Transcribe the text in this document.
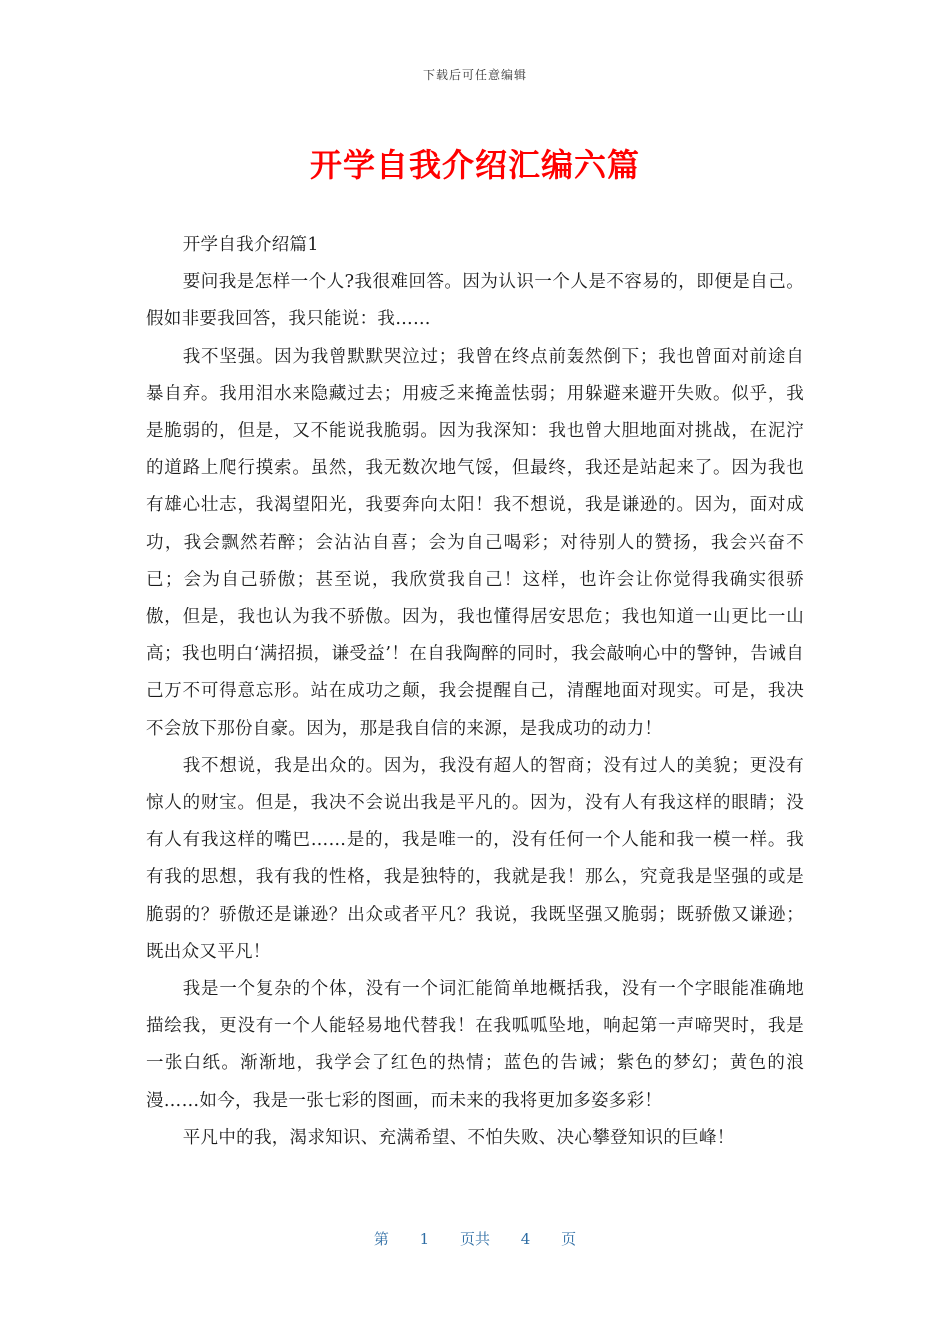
下载后可任意编辑
开学自我介绍汇编六篇

开学自我介绍篇1

要问我是怎样一个人?我很难回答。因为认识一个人是不容易的，即便是自己。假如非要我回答，我只能说：我……

我不坚强。因为我曾默默哭泣过；我曾在终点前轰然倒下；我也曾面对前途自暴自弃。我用泪水来隐藏过去；用疲乏来掩盖怯弱；用躲避来避开失败。似乎，我是脆弱的，但是，又不能说我脆弱。因为我深知：我也曾大胆地面对挑战，在泥泞的道路上爬行摸索。虽然，我无数次地气馁，但最终，我还是站起来了。因为我也有雄心壮志，我渴望阳光，我要奔向太阳！我不想说，我是谦逊的。因为，面对成功，我会飘然若醉；会沾沾自喜；会为自己喝彩；对待别人的赞扬，我会兴奋不已；会为自己骄傲；甚至说，我欣赏我自己！这样，也许会让你觉得我确实很骄傲，但是，我也认为我不骄傲。因为，我也懂得居安思危；我也知道一山更比一山高；我也明白‘满招损，谦受益’！在自我陶醉的同时，我会敲响心中的警钟，告诫自己万不可得意忘形。站在成功之颠，我会提醒自己，清醒地面对现实。可是，我决不会放下那份自豪。因为，那是我自信的来源，是我成功的动力！

我不想说，我是出众的。因为，我没有超人的智商；没有过人的美貌；更没有惊人的财宝。但是，我决不会说出我是平凡的。因为，没有人有我这样的眼睛；没有人有我这样的嘴巴……是的，我是唯一的，没有任何一个人能和我一模一样。我有我的思想，我有我的性格，我是独特的，我就是我！那么，究竟我是坚强的或是脆弱的？骄傲还是谦逊？出众或者平凡？我说，我既坚强又脆弱；既骄傲又谦逊；既出众又平凡！

我是一个复杂的个体，没有一个词汇能简单地概括我，没有一个字眼能准确地描绘我，更没有一个人能轻易地代替我！在我呱呱坠地，响起第一声啼哭时，我是一张白纸。渐渐地，我学会了红色的热情；蓝色的告诫；紫色的梦幻；黄色的浪漫……如今，我是一张七彩的图画，而未来的我将更加多姿多彩！

平凡中的我，渴求知识、充满希望、不怕失败、决心攀登知识的巨峰！

第 1 页共 4 页
